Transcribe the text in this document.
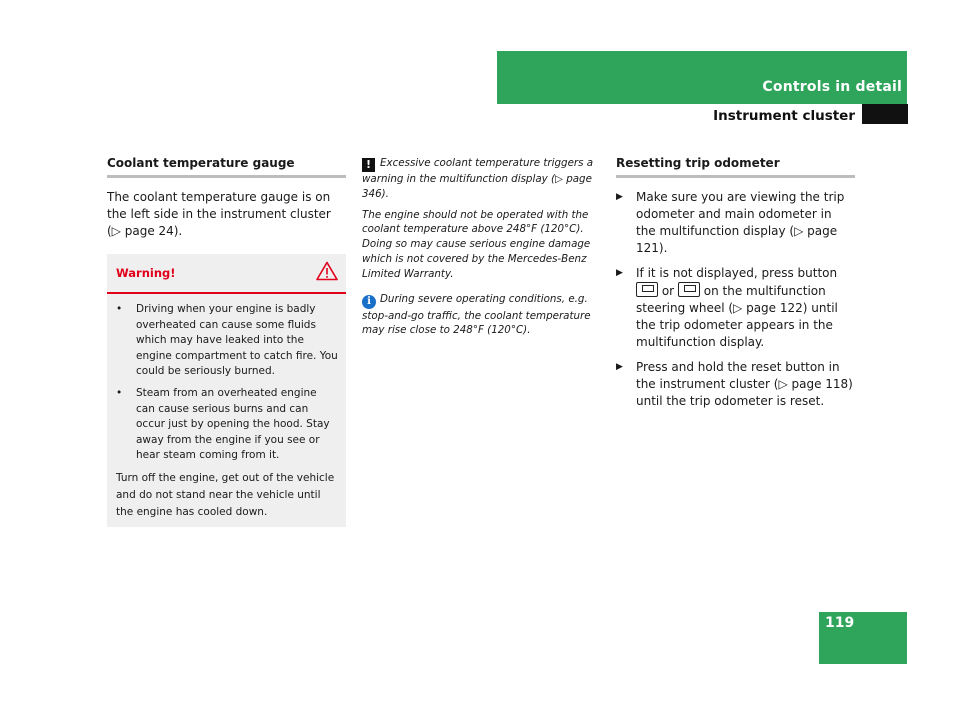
Controls in detail
Instrument cluster
Coolant temperature gauge

The coolant temperature gauge is on the left side in the instrument cluster (▷ page 24).

Warning!
• Driving when your engine is badly overheated can cause some fluids which may have leaked into the engine compartment to catch fire. You could be seriously burned.
• Steam from an overheated engine can cause serious burns and can occur just by opening the hood. Stay away from the engine if you see or hear steam coming from it.

Turn off the engine, get out of the vehicle and do not stand near the vehicle until the engine has cooled down.

! Excessive coolant temperature triggers a warning in the multifunction display (▷ page 346).

The engine should not be operated with the coolant temperature above 248°F (120°C). Doing so may cause serious engine damage which is not covered by the Mercedes-Benz Limited Warranty.

i During severe operating conditions, e.g. stop-and-go traffic, the coolant temperature may rise close to 248°F (120°C).

Resetting trip odometer
▶ Make sure you are viewing the trip odometer and main odometer in the multifunction display (▷ page 121).
▶ If it is not displayed, press button  or on the multifunction steering wheel (▷ page 122) until the trip odometer appears in the multifunction display.
▶ Press and hold the reset button in the instrument cluster (▷ page 118) until the trip odometer is reset.
119
